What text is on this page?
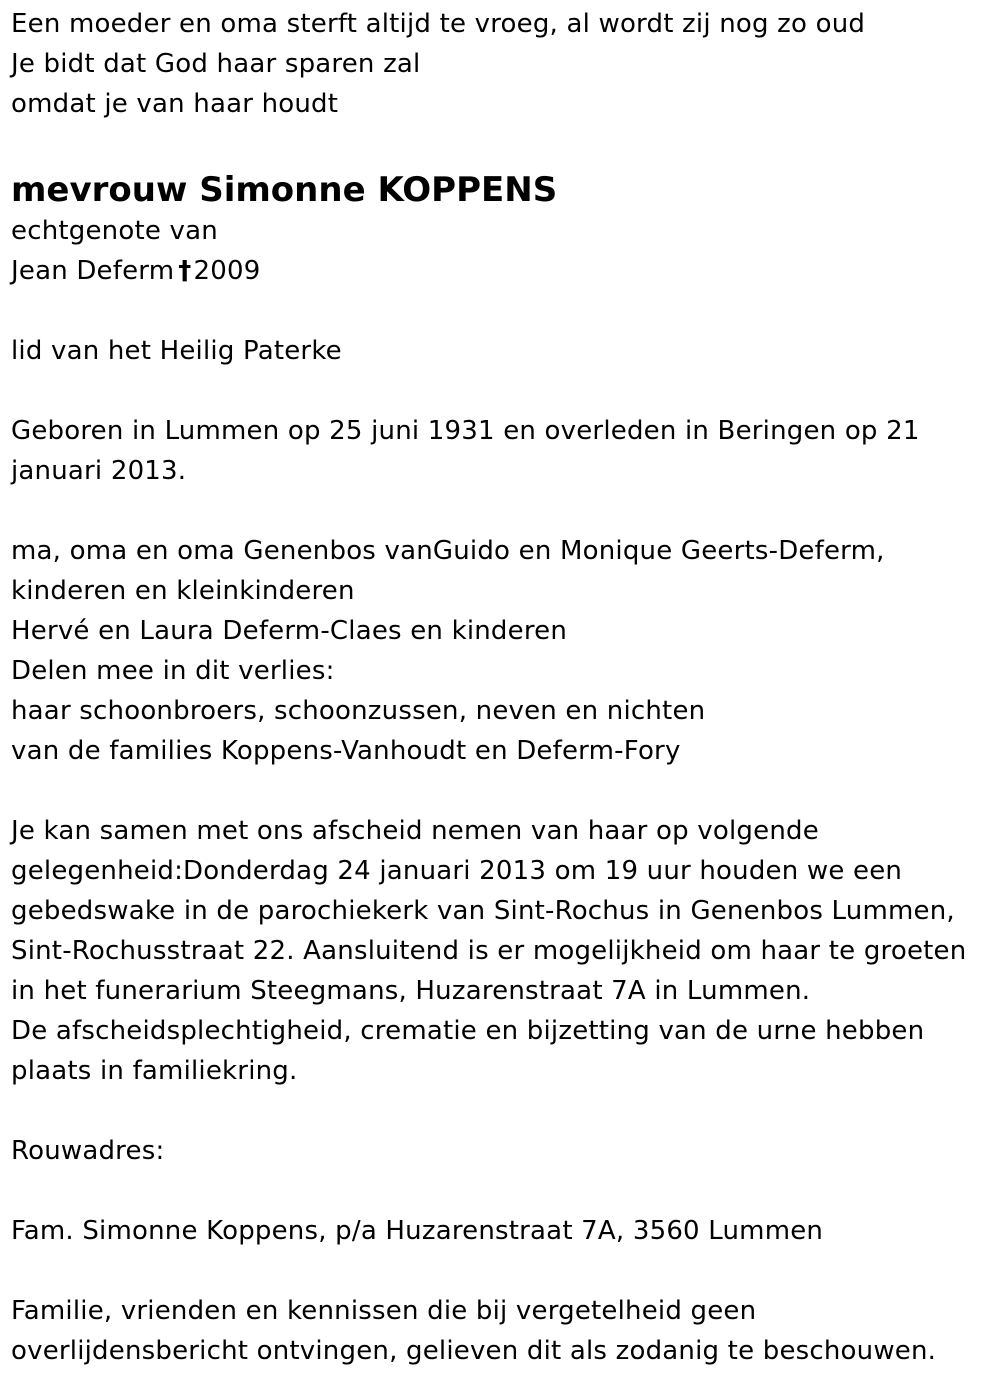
Een moeder en oma sterft altijd te vroeg, al wordt zij nog zo oud
Je bidt dat God haar sparen zal
omdat je van haar houdt
mevrouw Simonne KOPPENS
echtgenote van
Jean Deferm †2009
lid van het Heilig Paterke
Geboren in Lummen op 25 juni 1931 en overleden in Beringen op 21
januari 2013.
ma, oma en oma Genenbos vanGuido en Monique Geerts-Deferm,
kinderen en kleinkinderen
Hervé en Laura Deferm-Claes en kinderen
Delen mee in dit verlies:
haar schoonbroers, schoonzussen, neven en nichten
van de families Koppens-Vanhoudt en Deferm-Fory
Je kan samen met ons afscheid nemen van haar op volgende
gelegenheid:Donderdag 24 januari 2013 om 19 uur houden we een
gebedswake in de parochiekerk van Sint-Rochus in Genenbos Lummen,
Sint-Rochusstraat 22. Aansluitend is er mogelijkheid om haar te groeten
in het funerarium Steegmans, Huzarenstraat 7A in Lummen.
De afscheidsplechtigheid, crematie en bijzetting van de urne hebben
plaats in familiekring.
Rouwadres:
Fam. Simonne Koppens, p/a Huzarenstraat 7A, 3560 Lummen
Familie, vrienden en kennissen die bij vergetelheid geen
overlijdensbericht ontvingen, gelieven dit als zodanig te beschouwen.
